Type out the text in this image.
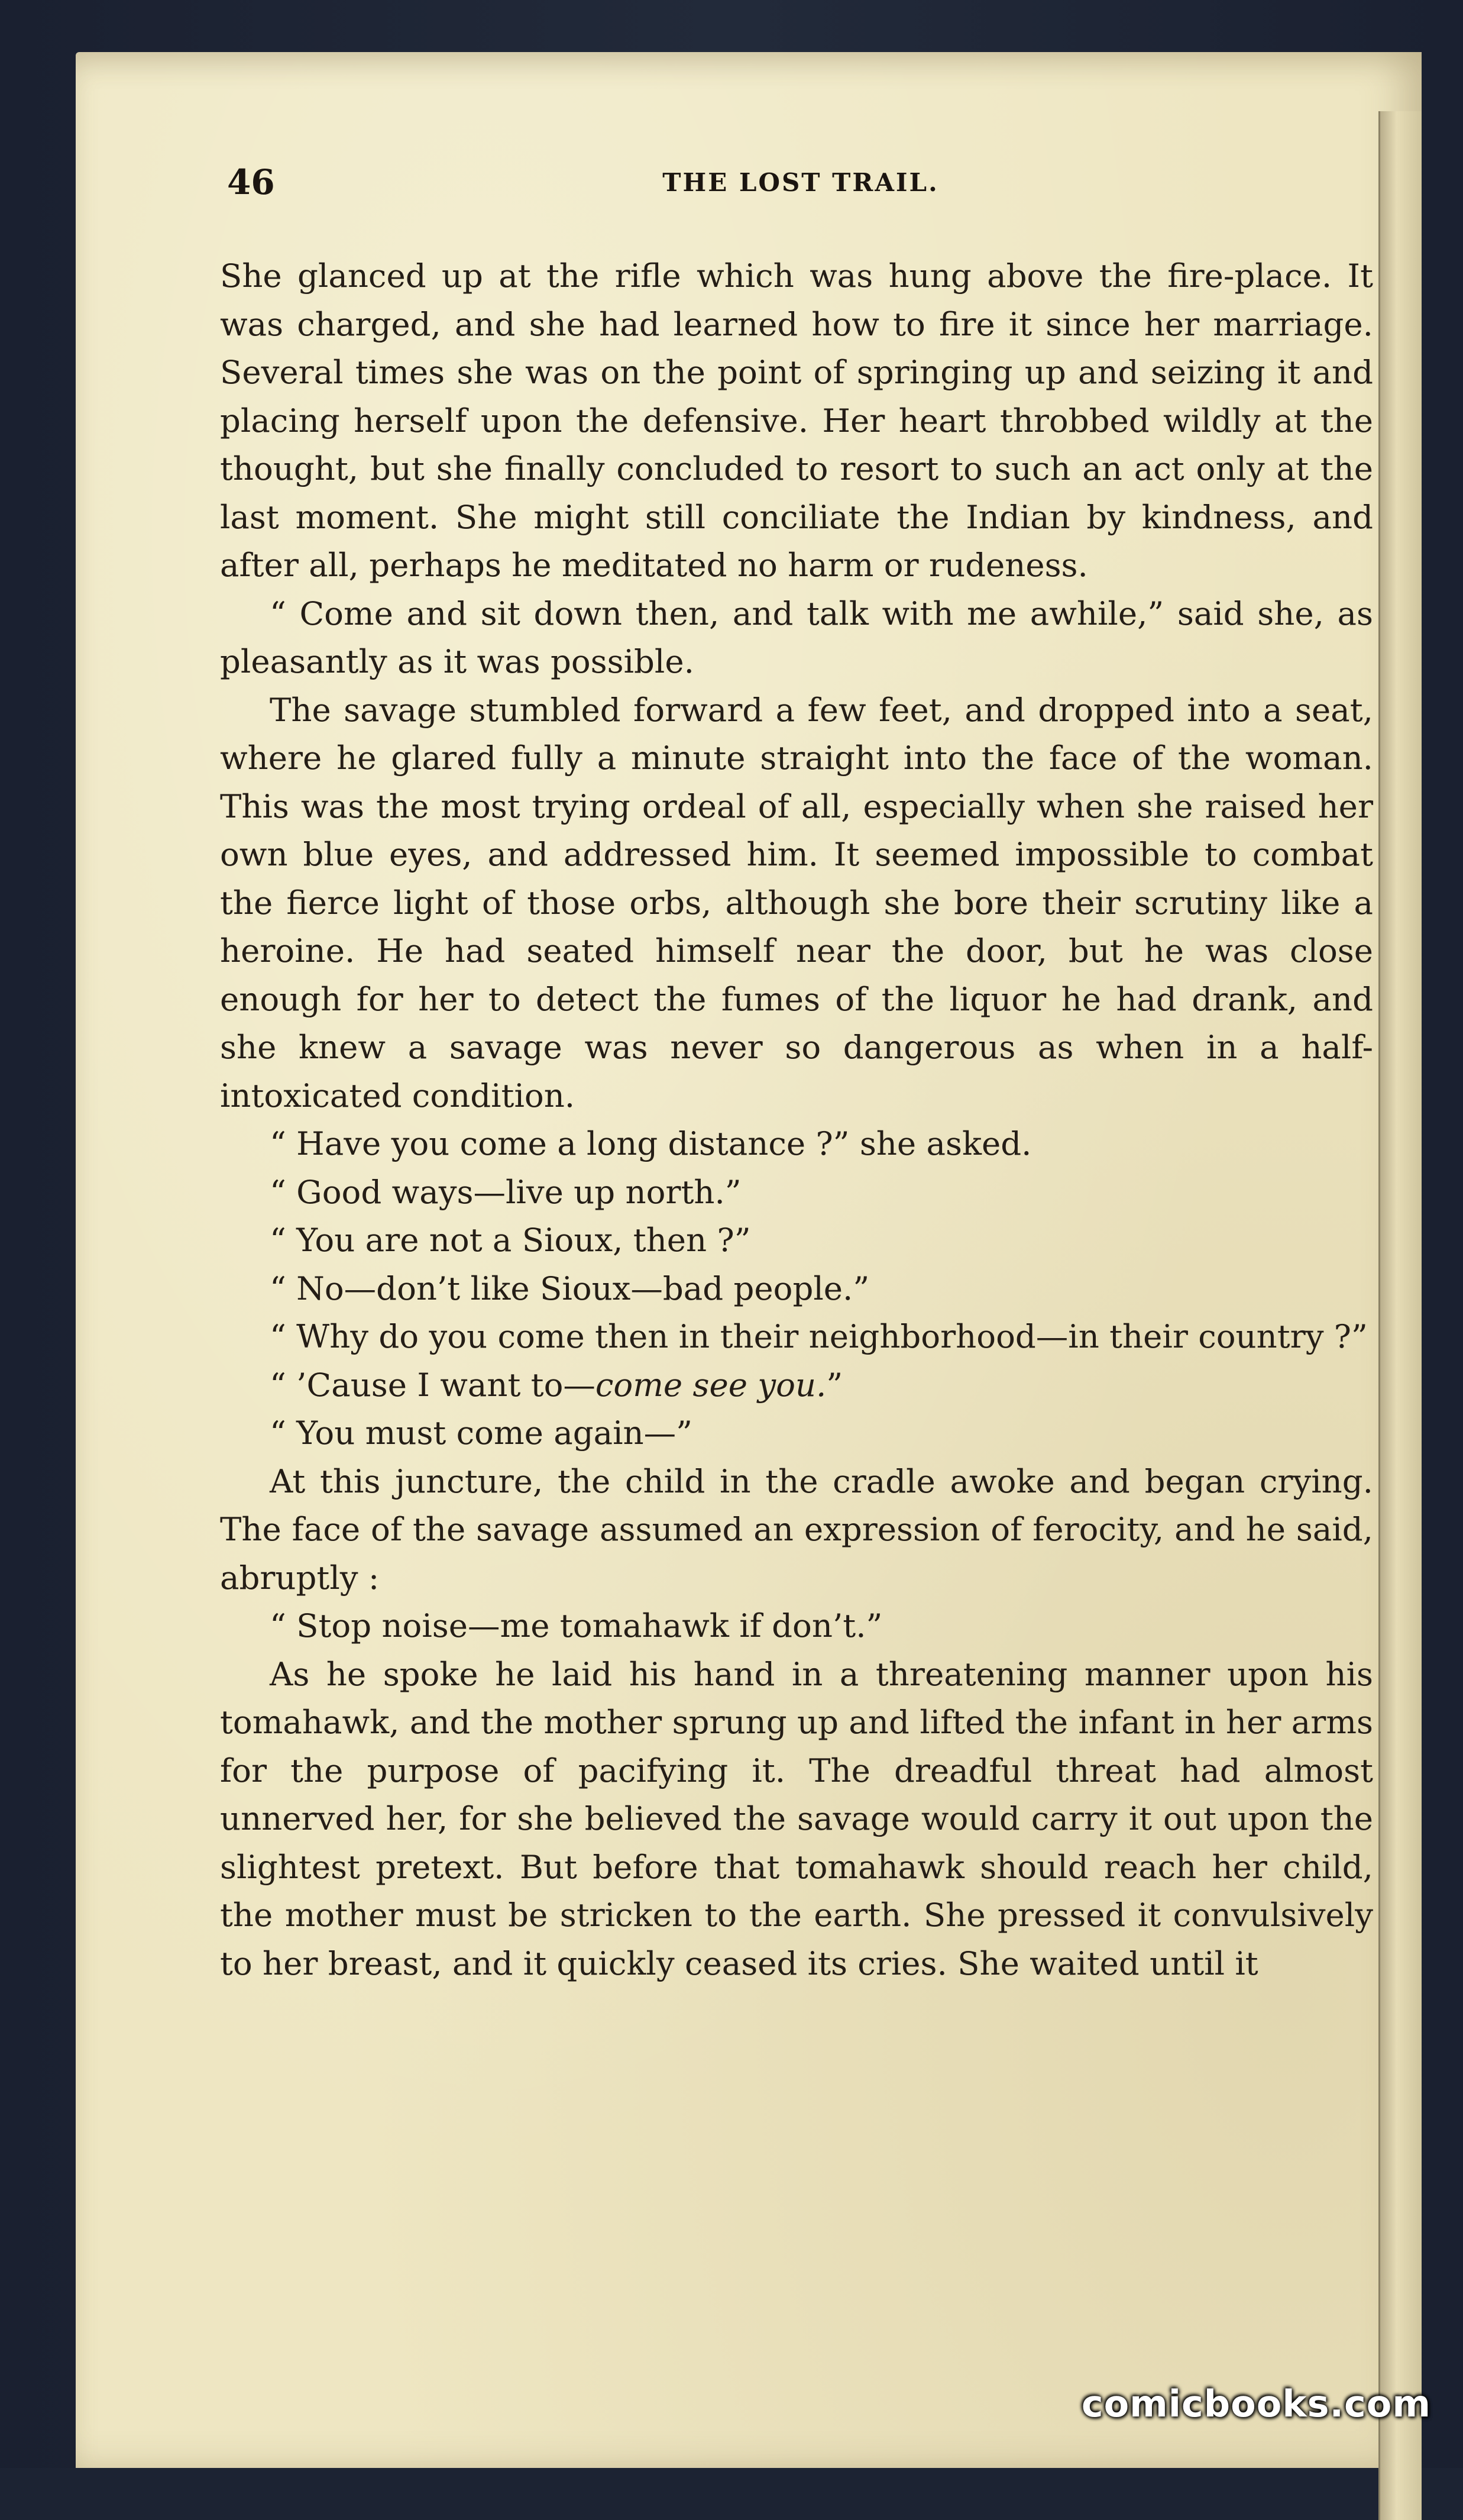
46	THE LOST TRAIL.

She glanced up at the rifle which was hung above the fire-place. It was charged, and she had learned how to fire it since her marriage. Several times she was on the point of springing up and seizing it and placing herself upon the defensive. Her heart throbbed wildly at the thought, but she finally concluded to resort to such an act only at the last moment. She might still conciliate the Indian by kindness, and after all, perhaps he meditated no harm or rudeness.

“ Come and sit down then, and talk with me awhile,” said she, as pleasantly as it was possible.

The savage stumbled forward a few feet, and dropped into a seat, where he glared fully a minute straight into the face of the woman. This was the most trying ordeal of all, especially when she raised her own blue eyes, and addressed him. It seemed impossible to combat the fierce light of those orbs, although she bore their scrutiny like a heroine. He had seated himself near the door, but he was close enough for her to detect the fumes of the liquor he had drank, and she knew a savage was never so dangerous as when in a half-intoxicated condition.

“ Have you come a long distance ?” she asked.

“ Good ways—live up north.”

“ You are not a Sioux, then ?”

“ No—don’t like Sioux—bad people.”

“ Why do you come then in their neighborhood—in their country ?”

“ ’Cause I want to—come see you.”

“ You must come again—”

At this juncture, the child in the cradle awoke and began crying. The face of the savage assumed an expression of ferocity, and he said, abruptly :

“ Stop noise—me tomahawk if don’t.”

As he spoke he laid his hand in a threatening manner upon his tomahawk, and the mother sprung up and lifted the infant in her arms for the purpose of pacifying it. The dreadful threat had almost unnerved her, for she believed the savage would carry it out upon the slightest pretext. But before that tomahawk should reach her child, the mother must be stricken to the earth. She pressed it convulsively to her breast, and it quickly ceased its cries. She waited until it

comicbooks.com
